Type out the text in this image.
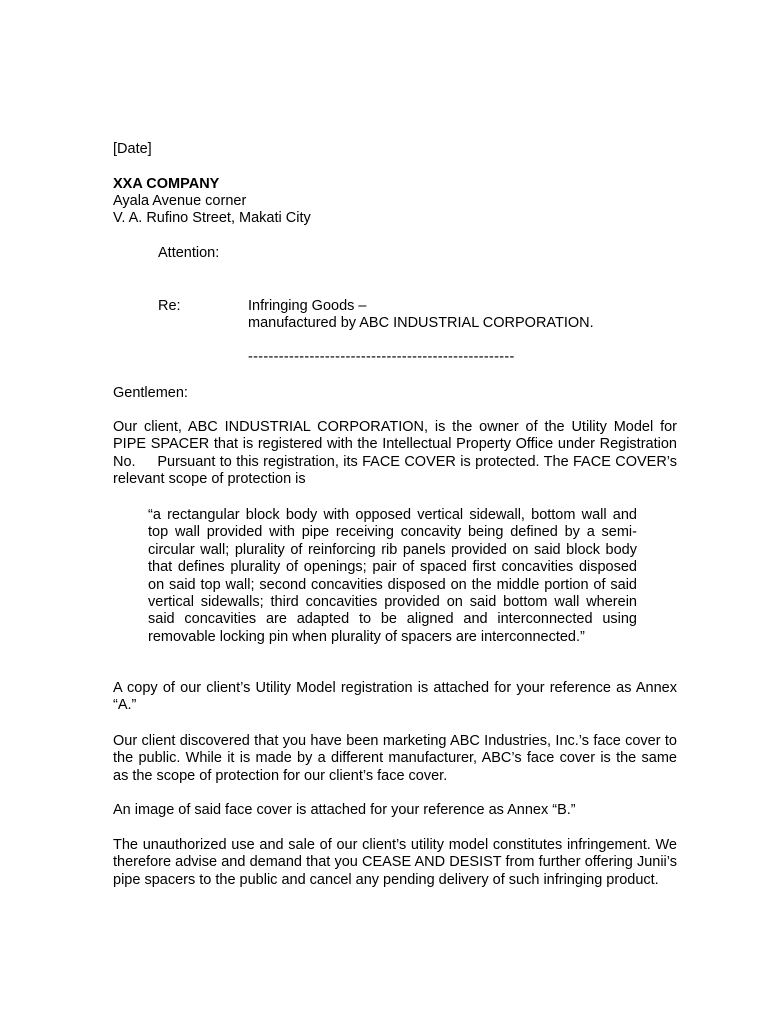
[Date]
XXA COMPANY
Ayala Avenue corner
V. A. Rufino Street, Makati City
Attention:
Re:	Infringing Goods –
manufactured by ABC INDUSTRIAL CORPORATION.
----------------------------------------------------
Gentlemen:

Our client, ABC INDUSTRIAL CORPORATION, is the owner of the Utility Model for PIPE SPACER that is registered with the Intellectual Property Office under Registration No.     Pursuant to this registration, its FACE COVER is protected. The FACE COVER’s relevant scope of protection is

“a rectangular block body with opposed vertical sidewall, bottom wall and top wall provided with pipe receiving concavity being defined by a semi-circular wall; plurality of reinforcing rib panels provided on said block body that defines plurality of openings; pair of spaced first concavities disposed on said top wall; second concavities disposed on the middle portion of said vertical sidewalls; third concavities provided on said bottom wall wherein said concavities are adapted to be aligned and interconnected using removable locking pin when plurality of spacers are interconnected.”

A copy of our client’s Utility Model registration is attached for your reference as Annex “A.”

Our client discovered that you have been marketing ABC Industries, Inc.’s face cover to the public. While it is made by a different manufacturer, ABC’s face cover is the same as the scope of protection for our client’s face cover.

An image of said face cover is attached for your reference as Annex “B.”

The unauthorized use and sale of our client’s utility model constitutes infringement. We therefore advise and demand that you CEASE AND DESIST from further offering Junii’s pipe spacers to the public and cancel any pending delivery of such infringing product.
